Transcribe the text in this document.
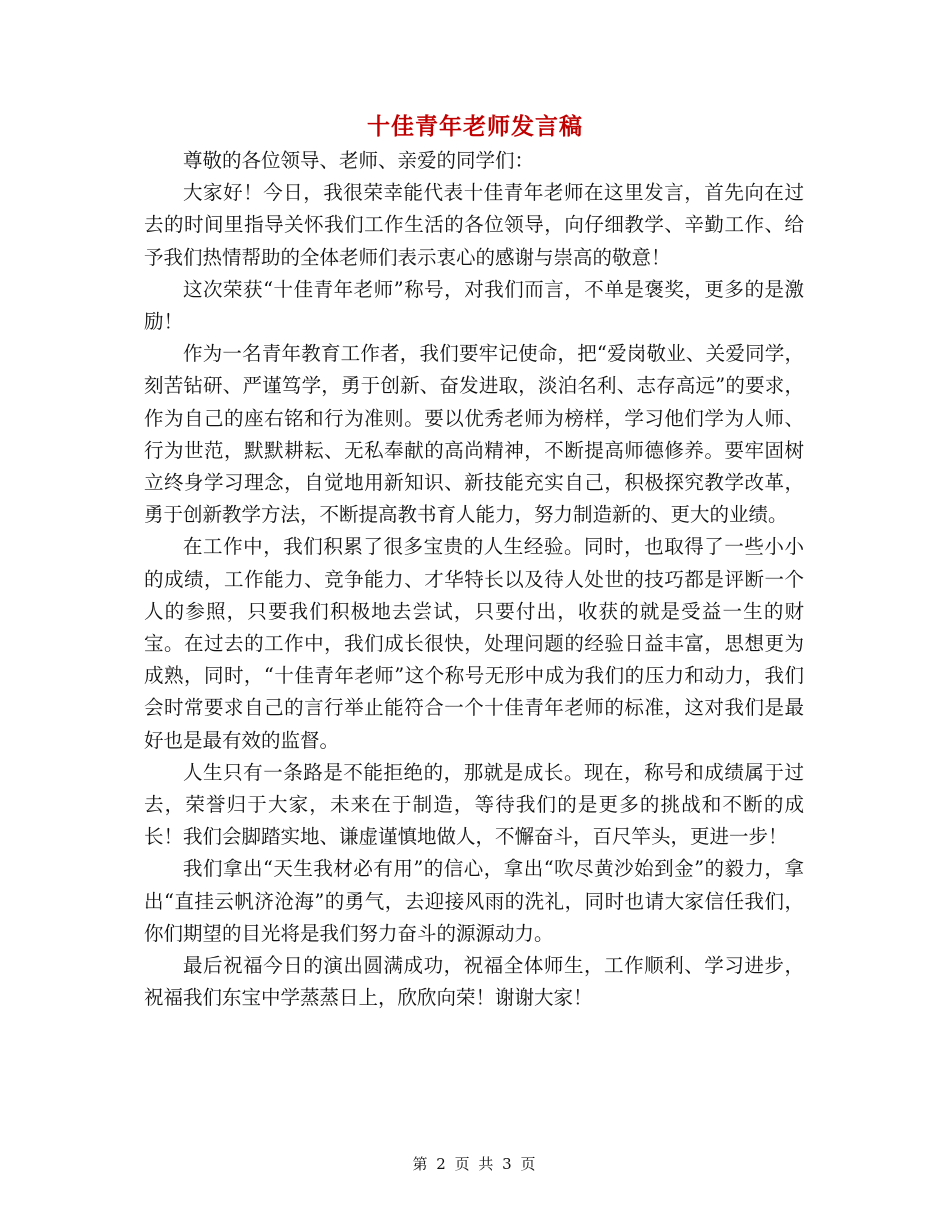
十佳青年老师发言稿

尊敬的各位领导、老师、亲爱的同学们：

大家好！今日，我很荣幸能代表十佳青年老师在这里发言，首先向在过去的时间里指导关怀我们工作生活的各位领导，向仔细教学、辛勤工作、给予我们热情帮助的全体老师们表示衷心的感谢与崇高的敬意！

这次荣获“十佳青年老师”称号，对我们而言，不单是褒奖，更多的是激励！

作为一名青年教育工作者，我们要牢记使命，把“爱岗敬业、关爱同学，刻苦钻研、严谨笃学，勇于创新、奋发进取，淡泊名利、志存高远”的要求，作为自己的座右铭和行为准则。要以优秀老师为榜样，学习他们学为人师、行为世范，默默耕耘、无私奉献的高尚精神，不断提高师德修养。要牢固树立终身学习理念，自觉地用新知识、新技能充实自己，积极探究教学改革，勇于创新教学方法，不断提高教书育人能力，努力制造新的、更大的业绩。

在工作中，我们积累了很多宝贵的人生经验。同时，也取得了一些小小的成绩，工作能力、竞争能力、才华特长以及待人处世的技巧都是评断一个人的参照，只要我们积极地去尝试，只要付出，收获的就是受益一生的财宝。在过去的工作中，我们成长很快，处理问题的经验日益丰富，思想更为成熟，同时，“十佳青年老师”这个称号无形中成为我们的压力和动力，我们会时常要求自己的言行举止能符合一个十佳青年老师的标准，这对我们是最好也是最有效的监督。

人生只有一条路是不能拒绝的，那就是成长。现在，称号和成绩属于过去，荣誉归于大家，未来在于制造，等待我们的是更多的挑战和不断的成长！我们会脚踏实地、谦虚谨慎地做人，不懈奋斗，百尺竿头，更进一步！

我们拿出“天生我材必有用”的信心，拿出“吹尽黄沙始到金”的毅力，拿出“直挂云帆济沧海”的勇气，去迎接风雨的洗礼，同时也请大家信任我们，你们期望的目光将是我们努力奋斗的源源动力。

最后祝福今日的演出圆满成功，祝福全体师生，工作顺利、学习进步，祝福我们东宝中学蒸蒸日上，欣欣向荣！谢谢大家！

第 2 页 共 3 页
